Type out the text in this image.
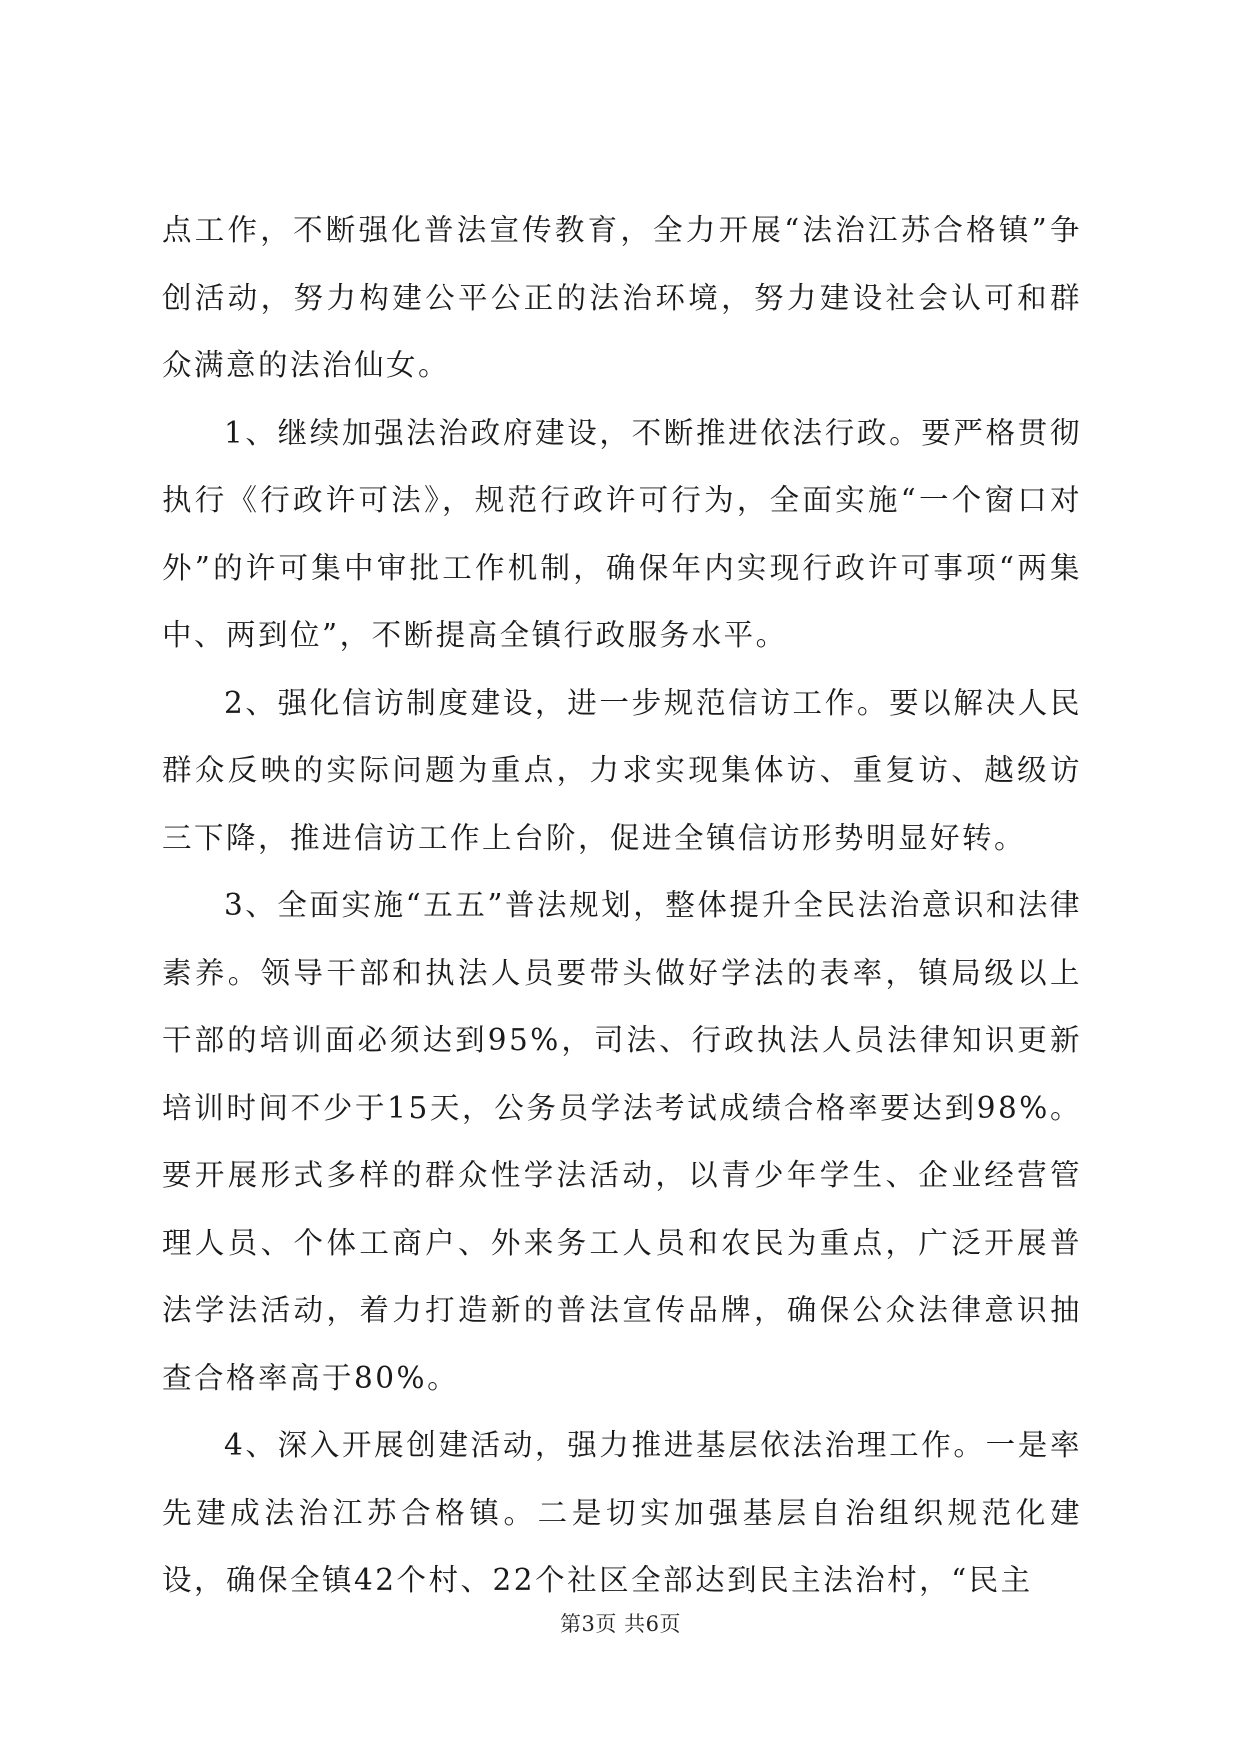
点工作，不断强化普法宣传教育，全力开展“法治江苏合格镇”争创活动，努力构建公平公正的法治环境，努力建设社会认可和群众满意的法治仙女。

1、继续加强法治政府建设，不断推进依法行政。要严格贯彻执行《行政许可法》，规范行政许可行为，全面实施“一个窗口对外”的许可集中审批工作机制，确保年内实现行政许可事项“两集中、两到位”，不断提高全镇行政服务水平。

2、强化信访制度建设，进一步规范信访工作。要以解决人民群众反映的实际问题为重点，力求实现集体访、重复访、越级访三下降，推进信访工作上台阶，促进全镇信访形势明显好转。

3、全面实施“五五”普法规划，整体提升全民法治意识和法律素养。领导干部和执法人员要带头做好学法的表率，镇局级以上干部的培训面必须达到95%，司法、行政执法人员法律知识更新培训时间不少于15天，公务员学法考试成绩合格率要达到98%。要开展形式多样的群众性学法活动，以青少年学生、企业经营管理人员、个体工商户、外来务工人员和农民为重点，广泛开展普法学法活动，着力打造新的普法宣传品牌，确保公众法律意识抽查合格率高于80%。

4、深入开展创建活动，强力推进基层依法治理工作。一是率先建成法治江苏合格镇。二是切实加强基层自治组织规范化建设，确保全镇42个村、22个社区全部达到民主法治村，“民主

第3页 共6页
